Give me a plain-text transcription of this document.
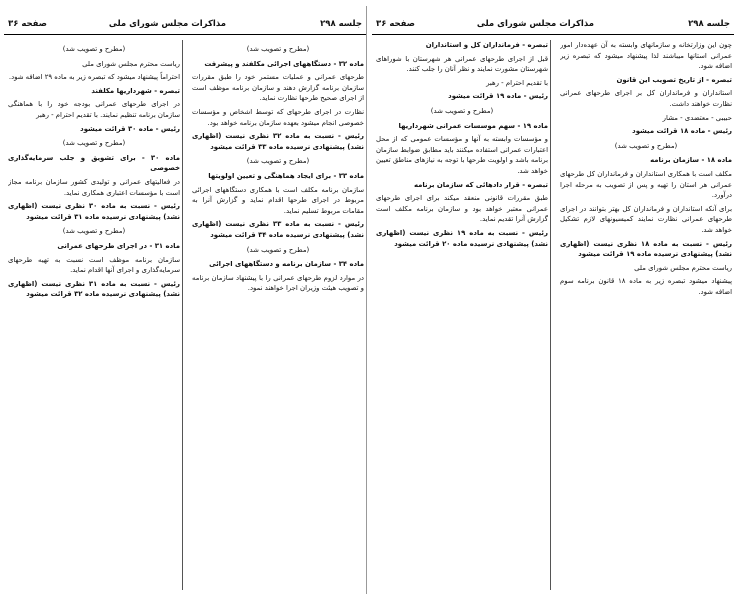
جلسه ۲۹۸
مذاکرات مجلس شورای ملی
صفحه ۳۶

(مطرح و تصویب شد)

ماده ۳۲ - دستگاههای اجرائی مکلفند و پیشرفت

طرحهای عمرانی و عملیات مستمر خود را طبق مقررات سازمان برنامه گزارش دهند و سازمان برنامه موظف است از اجرای صحیح طرحها نظارت نماید.

نظارت در اجرای طرحهای که توسط اشخاص و مؤسسات خصوصی انجام میشود بعهده سازمان برنامه خواهد بود.

رئیس - نسبت به ماده ۳۲ نظری نیست (اظهاری نشد) پیشنهادی نرسیده ماده ۳۳ قرائت میشود

(مطرح و تصویب شد)

ماده ۳۳ - برای ایجاد هماهنگی و تعیین اولویتها

سازمان برنامه مکلف است با همکاری دستگاههای اجرائی مربوط در اجرای طرحها اقدام نماید و گزارش آنرا به مقامات مربوط تسلیم نماید.

رئیس - نسبت به ماده ۳۳ نظری نیست (اظهاری نشد) پیشنهادی نرسیده ماده ۳۴ قرائت میشود

(مطرح و تصویب شد)

ماده ۳۴ - سازمان برنامه و دستگاههای اجرائی

در موارد لزوم طرحهای عمرانی را با پیشنهاد سازمان برنامه و تصویب هیئت وزیران اجرا خواهند نمود.

(مطرح و تصویب شد)

ریاست محترم مجلس شورای ملی

احتراماً پیشنهاد میشود که تبصره زیر به ماده ۲۹ اضافه شود.

تبصره - شهرداریها مکلفند

در اجرای طرحهای عمرانی بودجه خود را با هماهنگی سازمان برنامه تنظیم نمایند. با تقدیم احترام - رهبر

رئیس - ماده ۳۰ قرائت میشود

(مطرح و تصویب شد)

ماده ۳۰ - برای تشویق و جلب سرمایه‌گذاری خصوصی

در فعالیتهای عمرانی و تولیدی کشور سازمان برنامه مجاز است با مؤسسات اعتباری همکاری نماید.

رئیس - نسبت به ماده ۳۰ نظری نیست (اظهاری نشد) پیشنهادی نرسیده ماده ۳۱ قرائت میشود

(مطرح و تصویب شد)

ماده ۳۱ - در اجرای طرحهای عمرانی

سازمان برنامه موظف است نسبت به تهیه طرحهای سرمایه‌گذاری و اجرای آنها اقدام نماید.

رئیس - نسبت به ماده ۳۱ نظری نیست (اظهاری نشد) پیشنهادی نرسیده ماده ۳۲ قرائت میشود

جلسه ۲۹۸
مذاکرات مجلس شورای ملی
صفحه ۳۶

چون این وزارتخانه و سازمانهای وابسته به آن عهده‌دار امور عمرانی استانها میباشند لذا پیشنهاد میشود که تبصره زیر اضافه شود.

تبصره - از تاریخ تصویب این قانون

استانداران و فرمانداران کل بر اجرای طرحهای عمرانی نظارت خواهند داشت.

حبیبی - معتضدی - مشار

رئیس - ماده ۱۸ قرائت میشود

(مطرح و تصویب شد)

ماده ۱۸ - سازمان برنامه

مکلف است با همکاری استانداران و فرمانداران کل طرحهای عمرانی هر استان را تهیه و پس از تصویب به مرحله اجرا درآورد.

برای آنکه استانداران و فرمانداران کل بهتر بتوانند در اجرای طرحهای عمرانی نظارت نمایند کمیسیونهای لازم تشکیل خواهد شد.

رئیس - نسبت به ماده ۱۸ نظری نیست (اظهاری نشد) پیشنهادی نرسیده ماده ۱۹ قرائت میشود

ریاست محترم مجلس شورای ملی

پیشنهاد میشود تبصره زیر به ماده ۱۸ قانون برنامه سوم اضافه شود.

تبصره - فرمانداران کل و استانداران

قبل از اجرای طرحهای عمرانی هر شهرستان با شوراهای شهرستان مشورت نمایند و نظر آنان را جلب کنند.

با تقدیم احترام - رهبر

رئیس - ماده ۱۹ قرائت میشود

(مطرح و تصویب شد)

ماده ۱۹ - سهم موسسات عمرانی شهرداریها

و مؤسسات وابسته به آنها و مؤسسات عمومی که از محل اعتبارات عمرانی استفاده میکنند باید مطابق ضوابط سازمان برنامه باشد و اولویت طرحها با توجه به نیازهای مناطق تعیین خواهد شد.

تبصره - قرار دادهائی که سازمان برنامه

طبق مقررات قانونی منعقد میکند برای اجرای طرحهای عمرانی معتبر خواهد بود و سازمان برنامه مکلف است گزارش آنرا تقدیم نماید.

رئیس - نسبت به ماده ۱۹ نظری نیست (اظهاری نشد) پیشنهادی نرسیده ماده ۲۰ قرائت میشود
